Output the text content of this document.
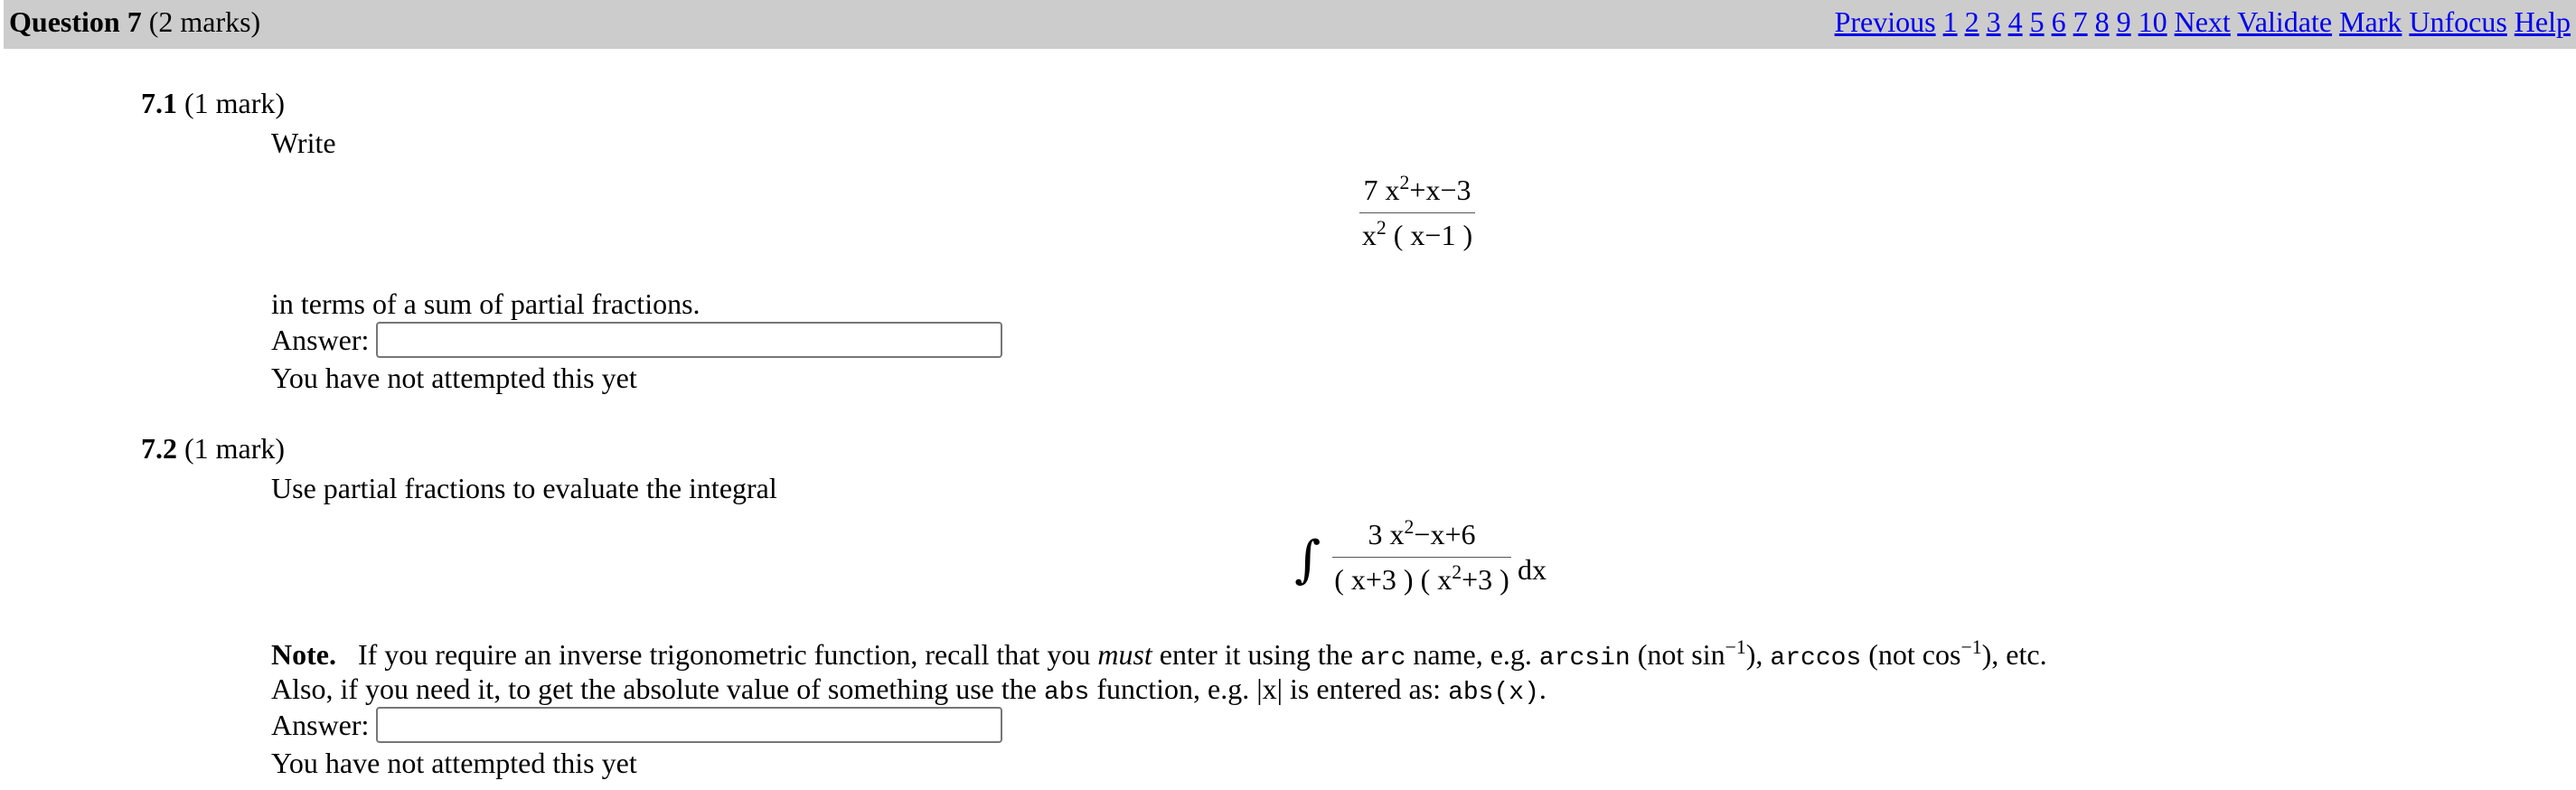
Question 7 (2 marks)	Previous 1 2 3 4 5 6 7 8 9 10 Next Validate Mark Unfocus Help
7.1 (1 mark)
Write
7 $x^2+x-3$
$x^2$ ( x−1 )
in terms of a sum of partial fractions.
Answer:
You have not attempted this yet
7.2 (1 mark)
Use partial fractions to evaluate the integral
∫	3 $x^2-x+6$
( x+3 ) ( $x^2+3$ ) dx
Note. If you require an inverse trigonometric function, recall that you must enter it using the arc name, e.g. arcsin (not $\sin^{-1}$), arccos (not $\cos^{-1}$), etc.
Also, if you need it, to get the absolute value of something use the abs function, e.g. |x| is entered as: abs(x).
Answer:
You have not attempted this yet
